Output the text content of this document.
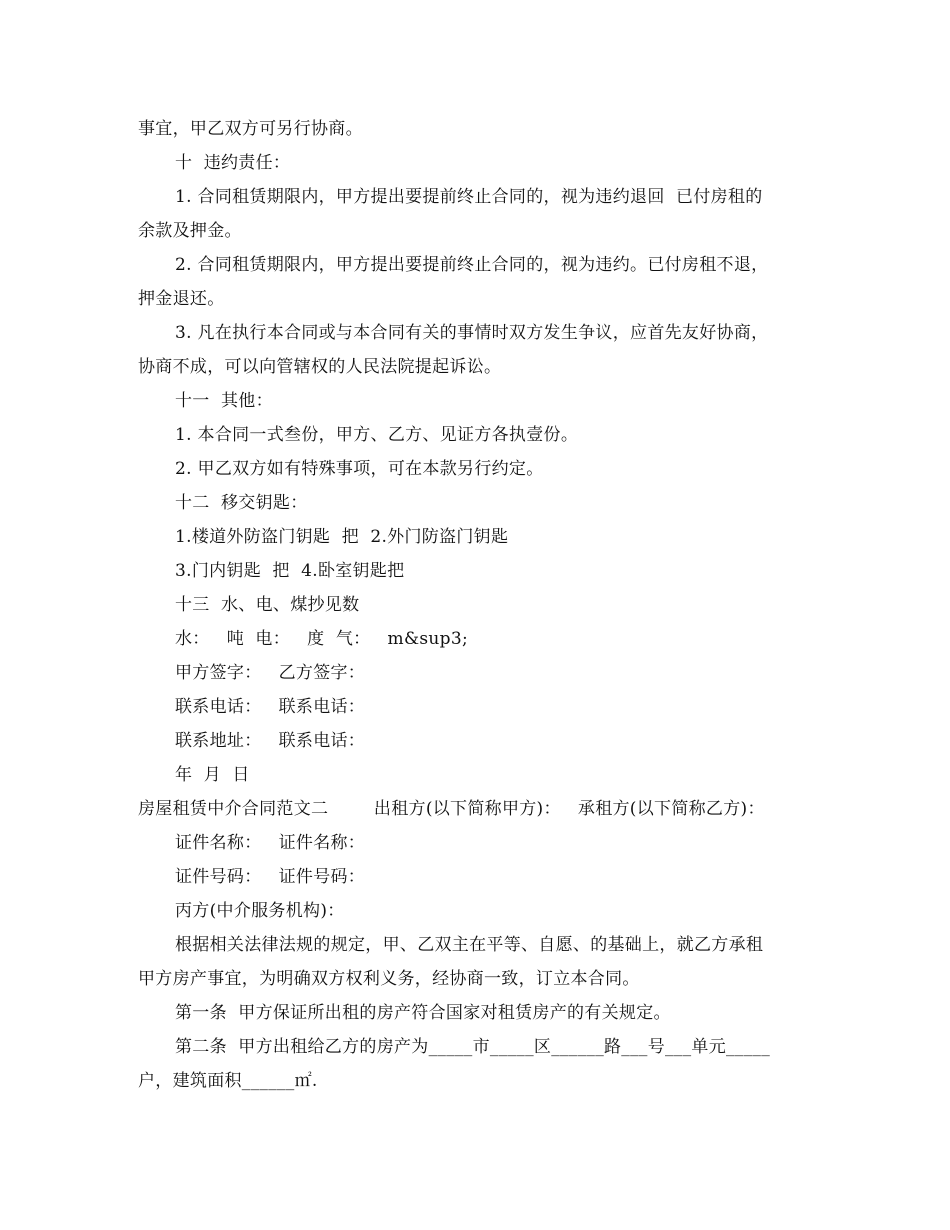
事宜，甲乙双方可另行协商。
十  违约责任：
1. 合同租赁期限内，甲方提出要提前终止合同的，视为违约退回  已付房租的
余款及押金。
2. 合同租赁期限内，甲方提出要提前终止合同的，视为违约。已付房租不退，
押金退还。
3. 凡在执行本合同或与本合同有关的事情时双方发生争议，应首先友好协商，
协商不成，可以向管辖权的人民法院提起诉讼。
十一  其他：
1. 本合同一式叁份，甲方、乙方、见证方各执壹份。
2. 甲乙双方如有特殊事项，可在本款另行约定。
十二  移交钥匙：
1.楼道外防盗门钥匙  把  2.外门防盗门钥匙
3.门内钥匙  把  4.卧室钥匙把
十三  水、电、煤抄见数
水：   吨  电：   度  气：   m&sup3;
甲方签字：   乙方签字：
联系电话：   联系电话：
联系地址：   联系电话：
年  月  日
房屋租赁中介合同范文二        出租方(以下简称甲方)：   承租方(以下简称乙方)：
证件名称：   证件名称：
证件号码：   证件号码：
丙方(中介服务机构)：
根据相关法律法规的规定，甲、乙双主在平等、自愿、的基础上，就乙方承租
甲方房产事宜，为明确双方权利义务，经协商一致，订立本合同。
第一条  甲方保证所出租的房产符合国家对租赁房产的有关规定。
第二条  甲方出租给乙方的房产为_____市_____区______路___号___单元_____
户，建筑面积______㎡.
